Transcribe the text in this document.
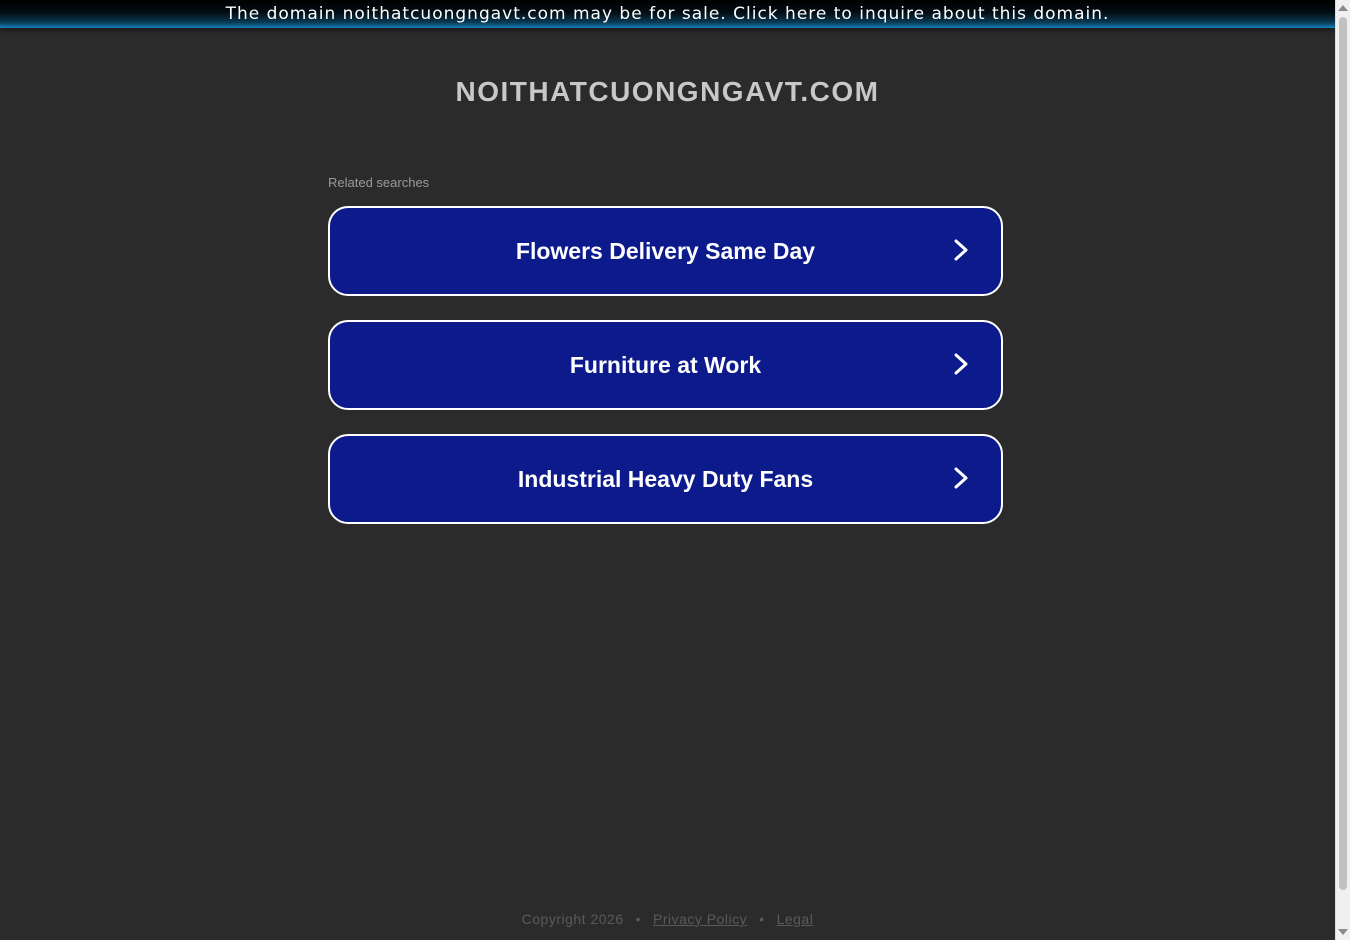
The domain noithatcuongngavt.com may be for sale. Click here to inquire about this domain.
NOITHATCUONGNGAVT.COM
Related searches
Flowers Delivery Same Day
Furniture at Work
Industrial Heavy Duty Fans
Copyright 2026 • Privacy Policy • Legal
